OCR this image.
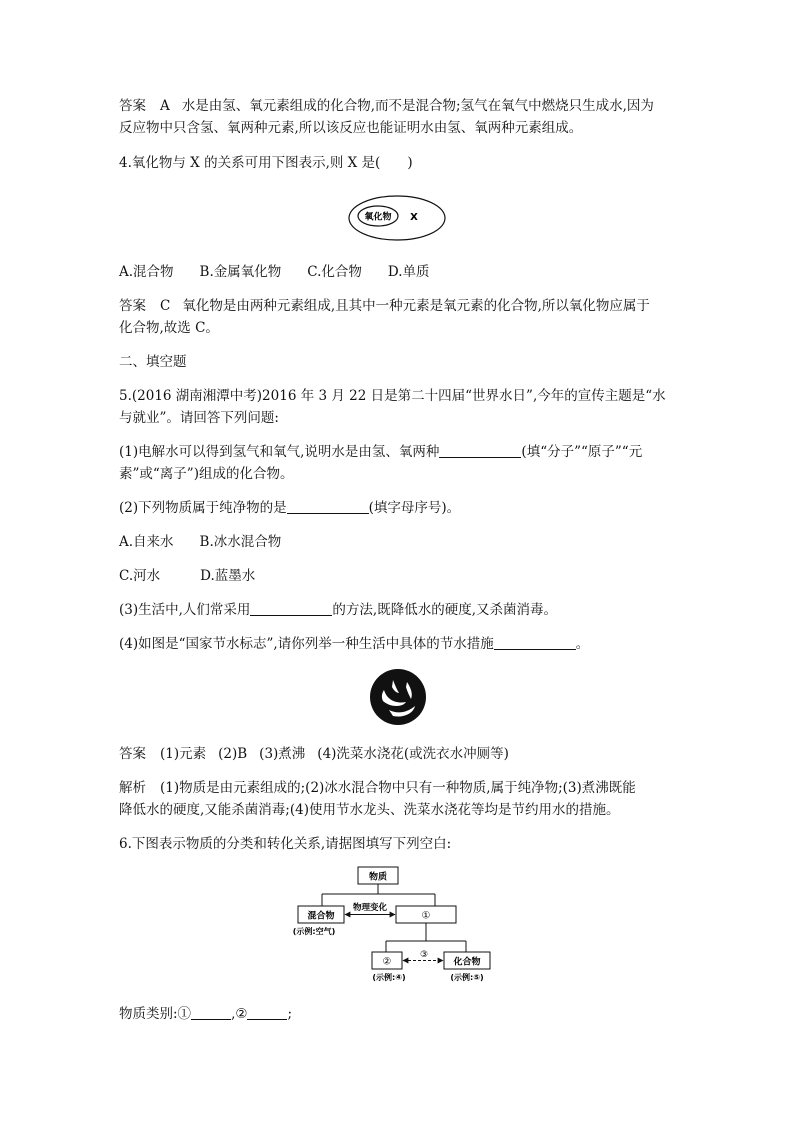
答案 A 水是由氢、氧元素组成的化合物,而不是混合物;氢气在氧气中燃烧只生成水,因为
反应物中只含氢、氧两种元素,所以该反应也能证明水由氢、氧两种元素组成。
4.氧化物与 X 的关系可用下图表示,则 X 是(　　)
氧化物 X
A.混合物 B.金属氧化物 C.化合物 D.单质
答案 C 氧化物是由两种元素组成,且其中一种元素是氧元素的化合物,所以氧化物应属于
化合物,故选 C。
二、填空题
5.(2016 湖南湘潭中考)2016 年 3 月 22 日是第二十四届“世界水日”,今年的宣传主题是“水
与就业”。请回答下列问题:
(1)电解水可以得到氢气和氧气,说明水是由氢、氧两种	(填“分子”“原子”“元
素”或“离子”)组成的化合物。
(2)下列物质属于纯净物的是	(填字母序号)。
A.自来水 B.冰水混合物
C.河水	D.蓝墨水
(3)生活中,人们常采用	的方法,既降低水的硬度,又杀菌消毒。
(4)如图是“国家节水标志”,请你列举一种生活中具体的节水措施	。
答案 (1)元素 (2)B (3)煮沸 (4)洗菜水浇花(或洗衣水冲厕等)
解析 (1)物质是由元素组成的;(2)冰水混合物中只有一种物质,属于纯净物;(3)煮沸既能
降低水的硬度,又能杀菌消毒;(4)使用节水龙头、洗菜水浇花等均是节约用水的措施。
6.下图表示物质的分类和转化关系,请据图填写下列空白:
物质
混合物
(示例:空气)
①
物理变化
②
(示例:④)
化合物
(示例:⑤)
③
物质类别:①	,②	;
